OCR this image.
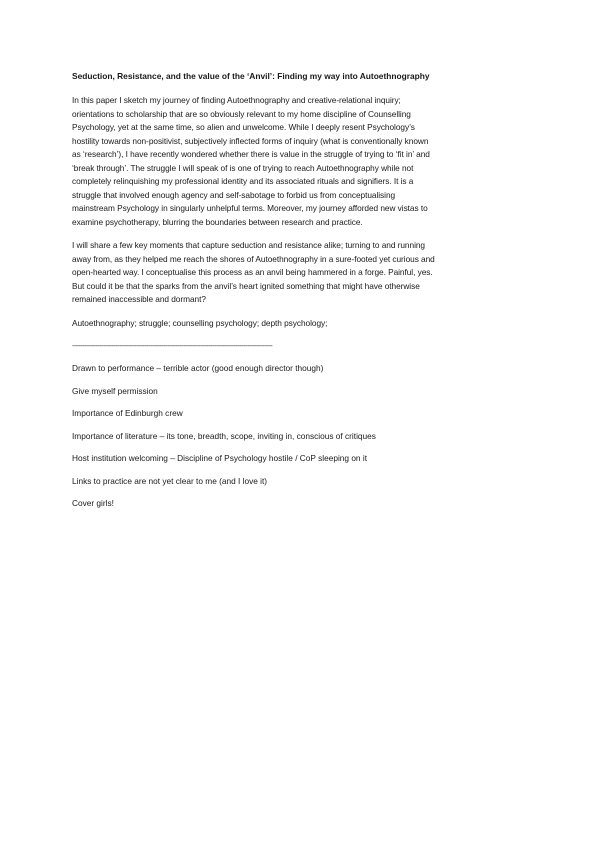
Seduction, Resistance, and the value of the ‘Anvil’: Finding my way into Autoethnography

In this paper I sketch my journey of finding Autoethnography and creative-relational inquiry;
orientations to scholarship that are so obviously relevant to my home discipline of Counselling
Psychology, yet at the same time, so alien and unwelcome. While I deeply resent Psychology’s
hostility towards non-positivist, subjectively inflected forms of inquiry (what is conventionally known
as ‘research’), I have recently wondered whether there is value in the struggle of trying to ‘fit in’ and
‘break through’. The struggle I will speak of is one of trying to reach Autoethnography while not
completely relinquishing my professional identity and its associated rituals and signifiers. It is a
struggle that involved enough agency and self-sabotage to forbid us from conceptualising
mainstream Psychology in singularly unhelpful terms. Moreover, my journey afforded new vistas to
examine psychotherapy, blurring the boundaries between research and practice.

I will share a few key moments that capture seduction and resistance alike; turning to and running
away from, as they helped me reach the shores of Autoethnography in a sure-footed yet curious and
open-hearted way. I conceptualise this process as an anvil being hammered in a forge. Painful, yes.
But could it be that the sparks from the anvil’s heart ignited something that might have otherwise
remained inaccessible and dormant?

Autoethnography; struggle; counselling psychology; depth psychology;

-------------------------------------------------------------------------------------------------
Drawn to performance – terrible actor (good enough director though)
Give myself permission
Importance of Edinburgh crew
Importance of literature – its tone, breadth, scope, inviting in, conscious of critiques
Host institution welcoming – Discipline of Psychology hostile / CoP sleeping on it
Links to practice are not yet clear to me (and I love it)
Cover girls!
